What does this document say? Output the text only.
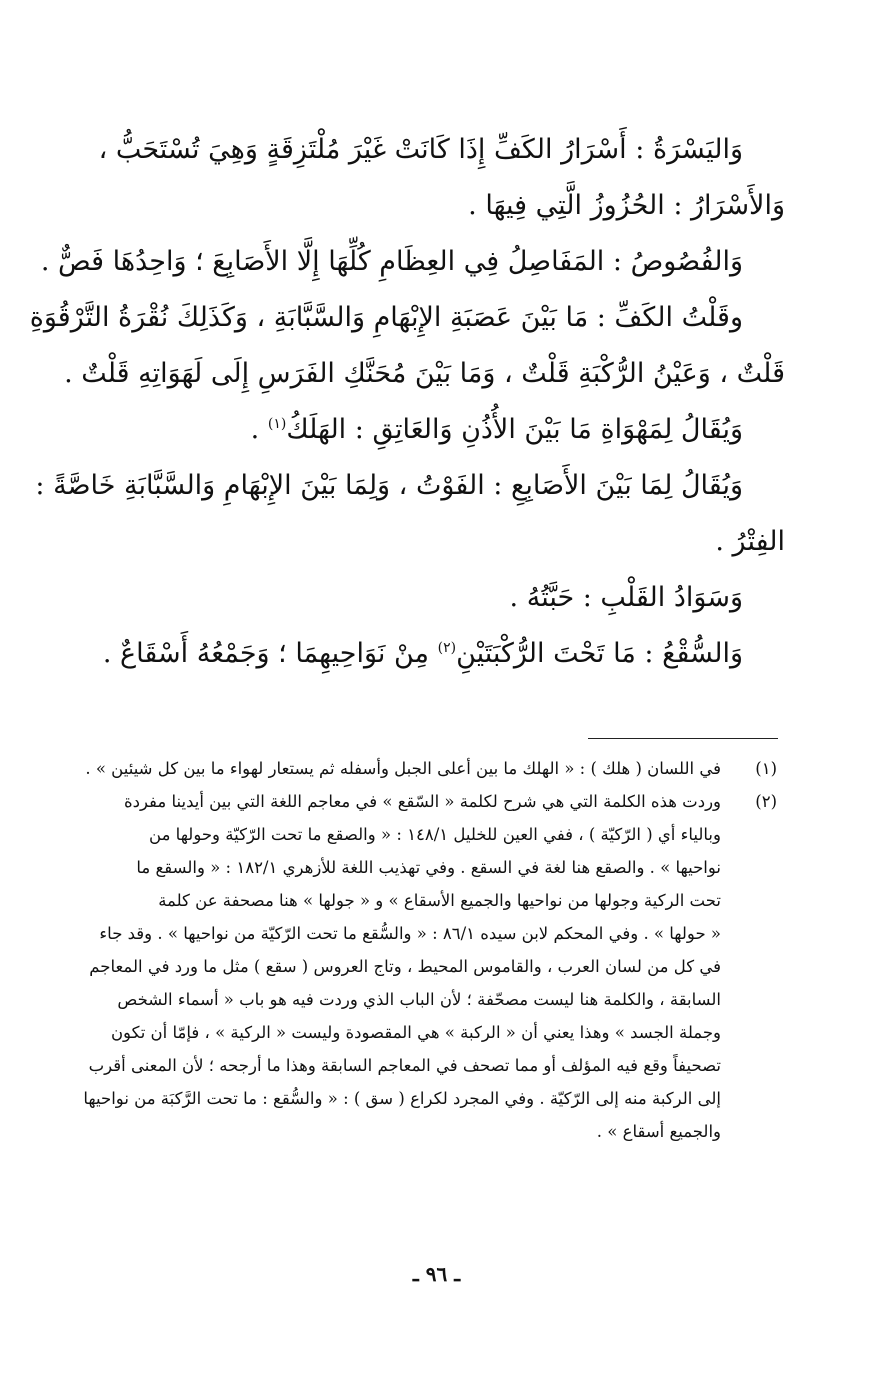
وَاليَسْرَةُ : أَسْرَارُ الكَفِّ إِذَا كَانَتْ غَيْرَ مُلْتَزِقَةٍ وَهِيَ تُسْتَحَبُّ ،
وَالأَسْرَارُ : الحُزُوزُ الَّتِي فِيهَا .
وَالفُصُوصُ : المَفَاصِلُ فِي العِظَامِ كُلِّهَا إِلَّا الأَصَابِعَ ؛ وَاحِدُهَا فَصٌّ .
وقَلْتُ الكَفِّ : مَا بَيْنَ عَصَبَةِ الإِبْهَامِ وَالسَّبَّابَةِ ، وَكَذَلِكَ نُقْرَةُ التَّرْقُوَةِ
قَلْتٌ ، وَعَيْنُ الرُّكْبَةِ قَلْتٌ ، وَمَا بَيْنَ مُحَنَّكِ الفَرَسِ إِلَى لَهَوَاتِهِ قَلْتٌ .
وَيُقَالُ لِمَهْوَاةِ مَا بَيْنَ الأُذُنِ وَالعَاتِقِ : الهَلَكُ$^{(١)}$ .
وَيُقَالُ لِمَا بَيْنَ الأَصَابِعِ : الفَوْتُ ، وَلِمَا بَيْنَ الإِبْهَامِ وَالسَّبَّابَةِ خَاصَّةً :
الفِتْرُ .
وَسَوَادُ القَلْبِ : حَبَّتُهُ .
وَالسُّقْعُ : مَا تَحْتَ الرُّكْبَتَيْنِ$^{(٢)}$ مِنْ نَوَاحِيهِمَا ؛ وَجَمْعُهُ أَسْقَاعٌ .
(١)
في اللسان ( هلك ) : « الهلك ما بين أعلى الجبل وأسفله ثم يستعار لهواء ما بين كل شيئين » .
(٢)
وردت هذه الكلمة التي هي شرح لكلمة « السّقع » في معاجم اللغة التي بين أيدينا مفردة
وبالياء أي ( الرّكيّة ) ، ففي العين للخليل ١٤٨/١ : « والصقع ما تحت الرّكيّة وحولها من
نواحيها » . والصقع هنا لغة في السقع . وفي تهذيب اللغة للأزهري ١٨٢/١ : « والسقع ما
تحت الركية وجولها من نواحيها والجميع الأسقاع » و « جولها » هنا مصحفة عن كلمة
« حولها » . وفي المحكم لابن سيده ٨٦/١ : « والسُّقع ما تحت الرّكيّة من نواحيها » . وقد جاء
في كل من لسان العرب ، والقاموس المحيط ، وتاج العروس ( سقع ) مثل ما ورد في المعاجم
السابقة ، والكلمة هنا ليست مصحّفة ؛ لأن الباب الذي وردت فيه هو باب « أسماء الشخص
وجملة الجسد » وهذا يعني أن « الركبة » هي المقصودة وليست « الركية » ، فإمّا أن تكون
تصحيفاً وقع فيه المؤلف أو مما تصحف في المعاجم السابقة وهذا ما أرجحه ؛ لأن المعنى أقرب
إلى الركبة منه إلى الرّكيّة . وفي المجرد لكراع ( سق ) : « والسُّقع : ما تحت الرَّكبَة من نواحيها
والجميع أسقاع » .
ـ ٩٦ ـ
